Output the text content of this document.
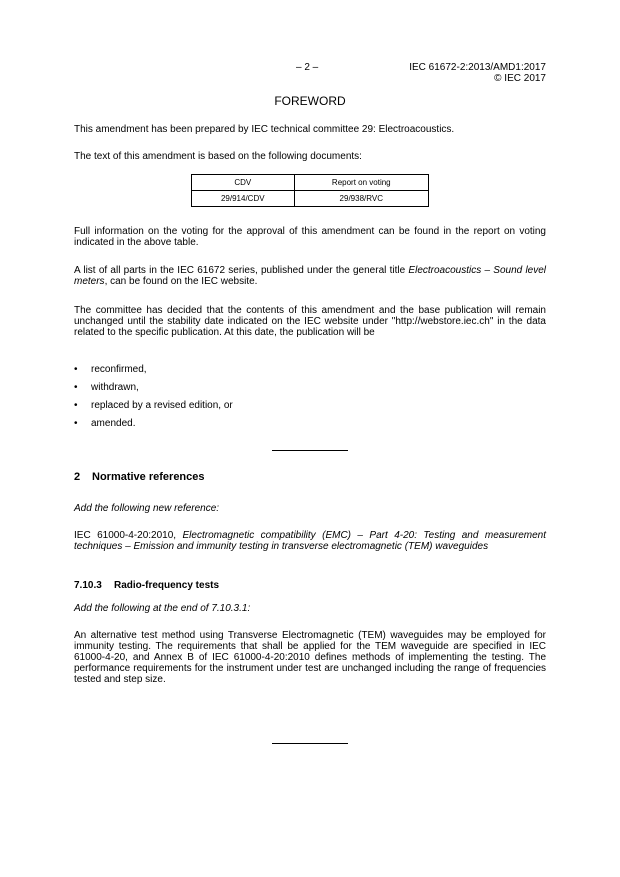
– 2 –	IEC 61672-2:2013/AMD1:2017
© IEC 2017
FOREWORD
This amendment has been prepared by IEC technical committee 29: Electroacoustics.
The text of this amendment is based on the following documents:
CDV	Report on voting
29/914/CDV	29/938/RVC
Full information on the voting for the approval of this amendment can be found in the report on voting indicated in the above table.
A list of all parts in the IEC 61672 series, published under the general title Electroacoustics – Sound level meters, can be found on the IEC website.
The committee has decided that the contents of this amendment and the base publication will remain unchanged until the stability date indicated on the IEC website under "http://webstore.iec.ch" in the data related to the specific publication. At this date, the publication will be
• reconfirmed,
• withdrawn,
• replaced by a revised edition, or
• amended.
2 Normative references
Add the following new reference:
IEC 61000-4-20:2010, Electromagnetic compatibility (EMC) – Part 4-20: Testing and measurement techniques – Emission and immunity testing in transverse electromagnetic (TEM) waveguides
7.10.3 Radio-frequency tests
Add the following at the end of 7.10.3.1:
An alternative test method using Transverse Electromagnetic (TEM) waveguides may be employed for immunity testing. The requirements that shall be applied for the TEM waveguide are specified in IEC 61000-4-20, and Annex B of IEC 61000-4-20:2010 defines methods of implementing the testing. The performance requirements for the instrument under test are unchanged including the range of frequencies tested and step size.
